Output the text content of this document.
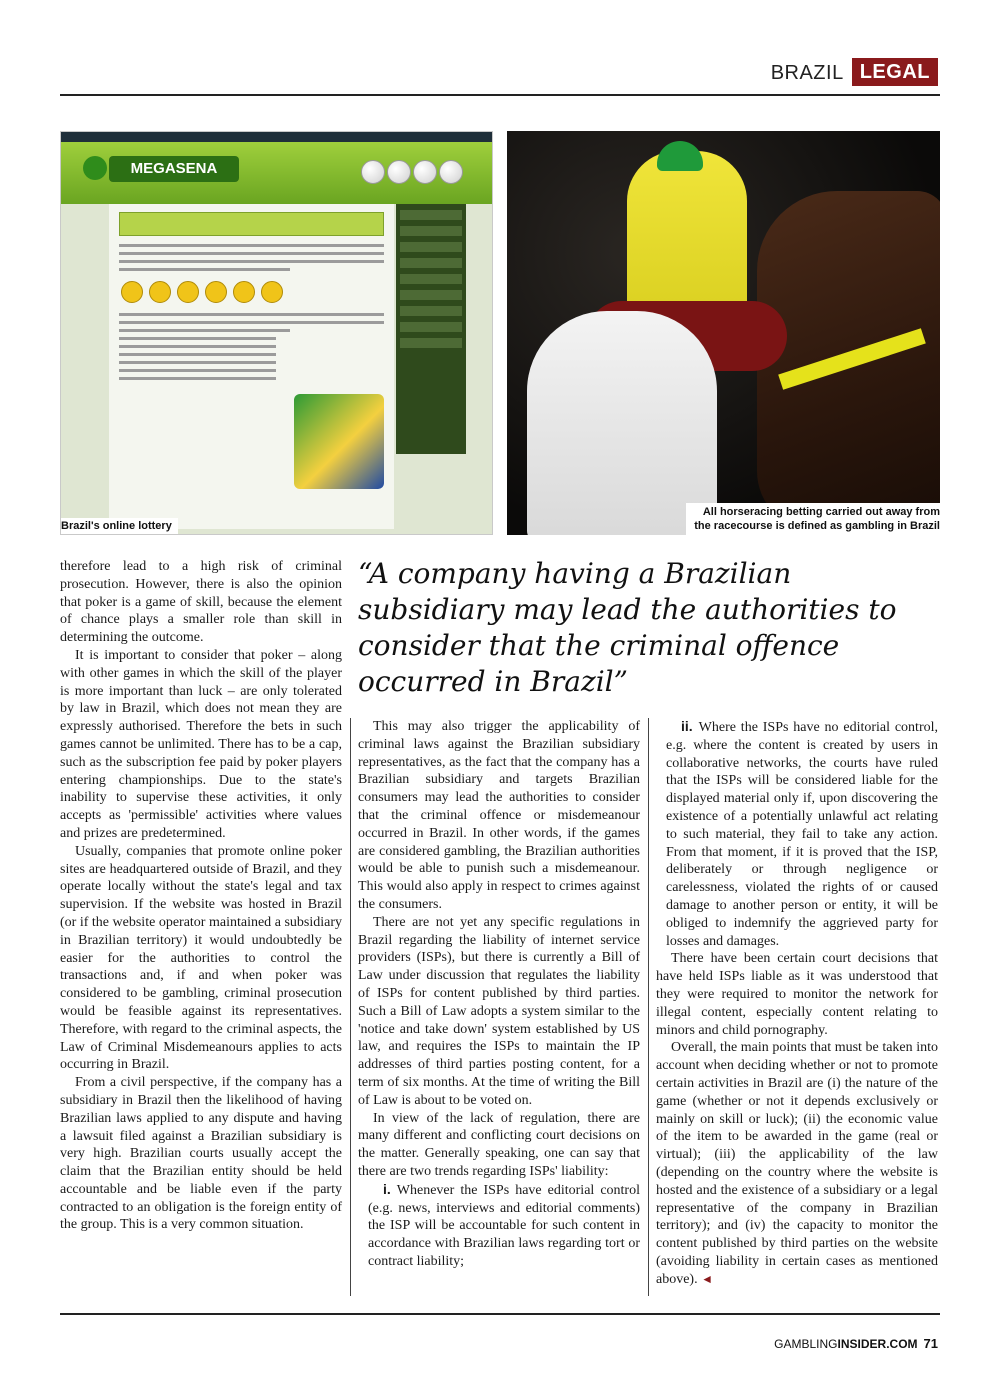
BRAZIL LEGAL
MEGASENA
Brazil's online lottery
All horseracing betting carried out away from
the racecourse is defined as gambling in Brazil

“A company having a Brazilian subsidiary may lead the authorities to consider that the criminal offence occurred in Brazil”

therefore lead to a high risk of criminal prosecution. However, there is also the opinion that poker is a game of skill, because the element of chance plays a smaller role than skill in determining the outcome.

It is important to consider that poker – along with other games in which the skill of the player is more important than luck – are only tolerated by law in Brazil, which does not mean they are expressly authorised. Therefore the bets in such games cannot be unlimited. There has to be a cap, such as the subscription fee paid by poker players entering championships. Due to the state's inability to supervise these activities, it only accepts as 'permissible' activities where values and prizes are predetermined.

Usually, companies that promote online poker sites are headquartered outside of Brazil, and they operate locally without the state's legal and tax supervision. If the website was hosted in Brazil (or if the website operator maintained a subsidiary in Brazilian territory) it would undoubtedly be easier for the authorities to control the transactions and, if and when poker was considered to be gambling, criminal prosecution would be feasible against its representatives. Therefore, with regard to the criminal aspects, the Law of Criminal Misdemeanours applies to acts occurring in Brazil.

From a civil perspective, if the company has a subsidiary in Brazil then the likelihood of having Brazilian laws applied to any dispute and having a lawsuit filed against a Brazilian subsidiary is very high. Brazilian courts usually accept the claim that the Brazilian entity should be held accountable and be liable even if the party contracted to an obligation is the foreign entity of the group. This is a very common situation.

This may also trigger the applicability of criminal laws against the Brazilian subsidiary representatives, as the fact that the company has a Brazilian subsidiary and targets Brazilian consumers may lead the authorities to consider that the criminal offence or misdemeanour occurred in Brazil. In other words, if the games are considered gambling, the Brazilian authorities would be able to punish such a misdemeanour. This would also apply in respect to crimes against the consumers.

There are not yet any specific regulations in Brazil regarding the liability of internet service providers (ISPs), but there is currently a Bill of Law under discussion that regulates the liability of ISPs for content published by third parties. Such a Bill of Law adopts a system similar to the 'notice and take down' system established by US law, and requires the ISPs to maintain the IP addresses of third parties posting content, for a term of six months. At the time of writing the Bill of Law is about to be voted on.

In view of the lack of regulation, there are many different and conflicting court decisions on the matter. Generally speaking, one can say that there are two trends regarding ISPs' liability:

i. Whenever the ISPs have editorial control (e.g. news, interviews and editorial comments) the ISP will be accountable for such content in accordance with Brazilian laws regarding tort or contract liability;

ii. Where the ISPs have no editorial control, e.g. where the content is created by users in collaborative networks, the courts have ruled that the ISPs will be considered liable for the displayed material only if, upon discovering the existence of a potentially unlawful act relating to such material, they fail to take any action. From that moment, if it is proved that the ISP, deliberately or through negligence or carelessness, violated the rights of or caused damage to another person or entity, it will be obliged to indemnify the aggrieved party for losses and damages.

There have been certain court decisions that have held ISPs liable as it was understood that they were required to monitor the network for illegal content, especially content relating to minors and child pornography.

Overall, the main points that must be taken into account when deciding whether or not to promote certain activities in Brazil are (i) the nature of the game (whether or not it depends exclusively or mainly on skill or luck); (ii) the economic value of the item to be awarded in the game (real or virtual); (iii) the applicability of the law (depending on the country where the website is hosted and the existence of a subsidiary or a legal representative of the company in Brazilian territory); and (iv) the capacity to monitor the content published by third parties on the website (avoiding liability in certain cases as mentioned above). ◄

GAMBLINGINSIDER.COM 71
